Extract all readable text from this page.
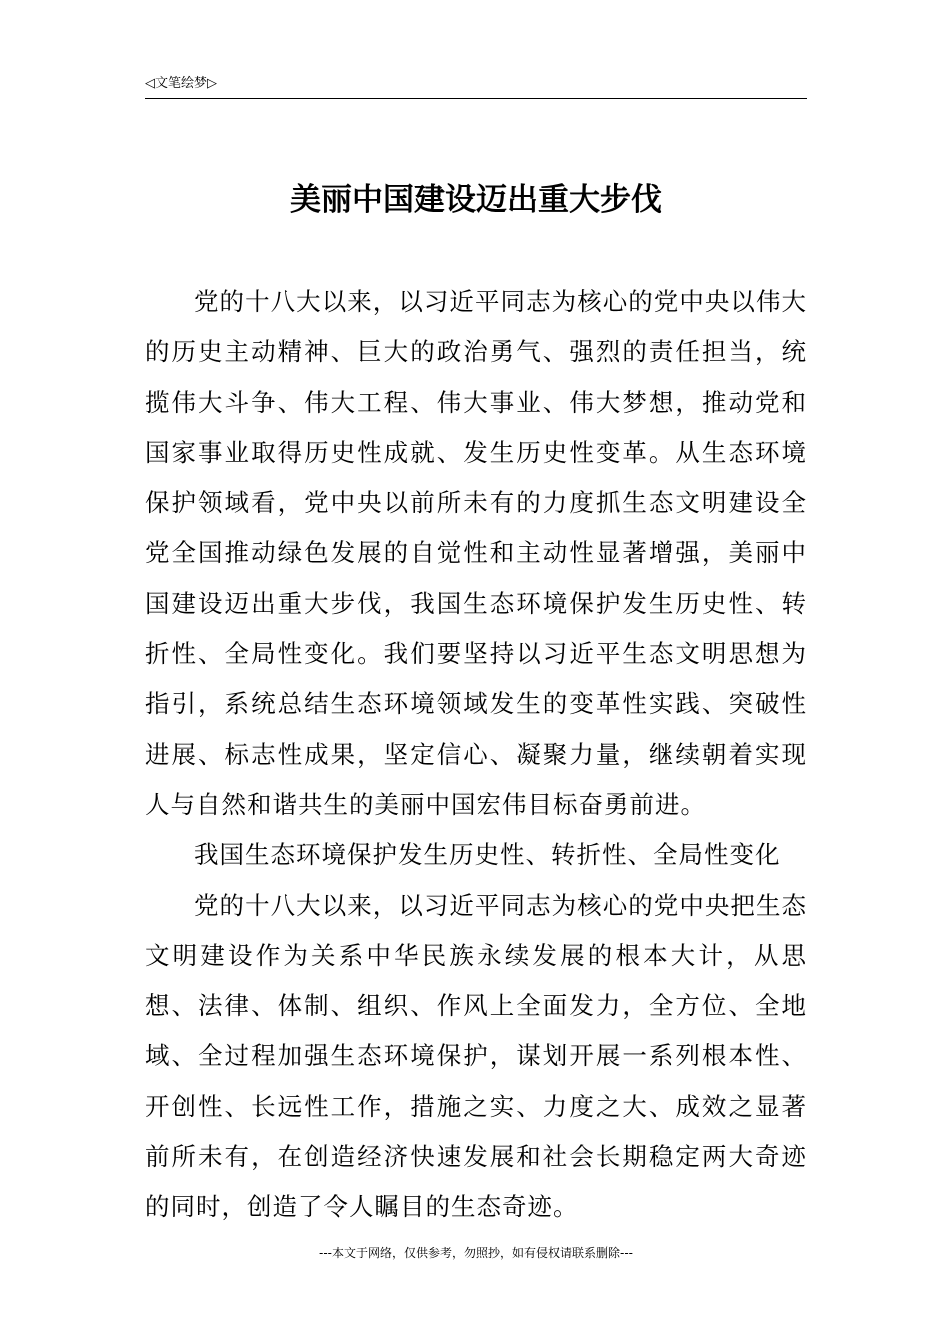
◁文笔绘梦▷
美丽中国建设迈出重大步伐

党的十八大以来，以习近平同志为核心的党中央以伟大的历史主动精神、巨大的政治勇气、强烈的责任担当，统揽伟大斗争、伟大工程、伟大事业、伟大梦想，推动党和国家事业取得历史性成就、发生历史性变革。从生态环境保护领域看，党中央以前所未有的力度抓生态文明建设全党全国推动绿色发展的自觉性和主动性显著增强，美丽中国建设迈出重大步伐，我国生态环境保护发生历史性、转折性、全局性变化。我们要坚持以习近平生态文明思想为指引，系统总结生态环境领域发生的变革性实践、突破性进展、标志性成果，坚定信心、凝聚力量，继续朝着实现人与自然和谐共生的美丽中国宏伟目标奋勇前进。

我国生态环境保护发生历史性、转折性、全局性变化

党的十八大以来，以习近平同志为核心的党中央把生态文明建设作为关系中华民族永续发展的根本大计，从思想、法律、体制、组织、作风上全面发力，全方位、全地域、全过程加强生态环境保护，谋划开展一系列根本性、开创性、长远性工作，措施之实、力度之大、成效之显著前所未有，在创造经济快速发展和社会长期稳定两大奇迹的同时，创造了令人瞩目的生态奇迹。

---本文于网络，仅供参考，勿照抄，如有侵权请联系删除---
